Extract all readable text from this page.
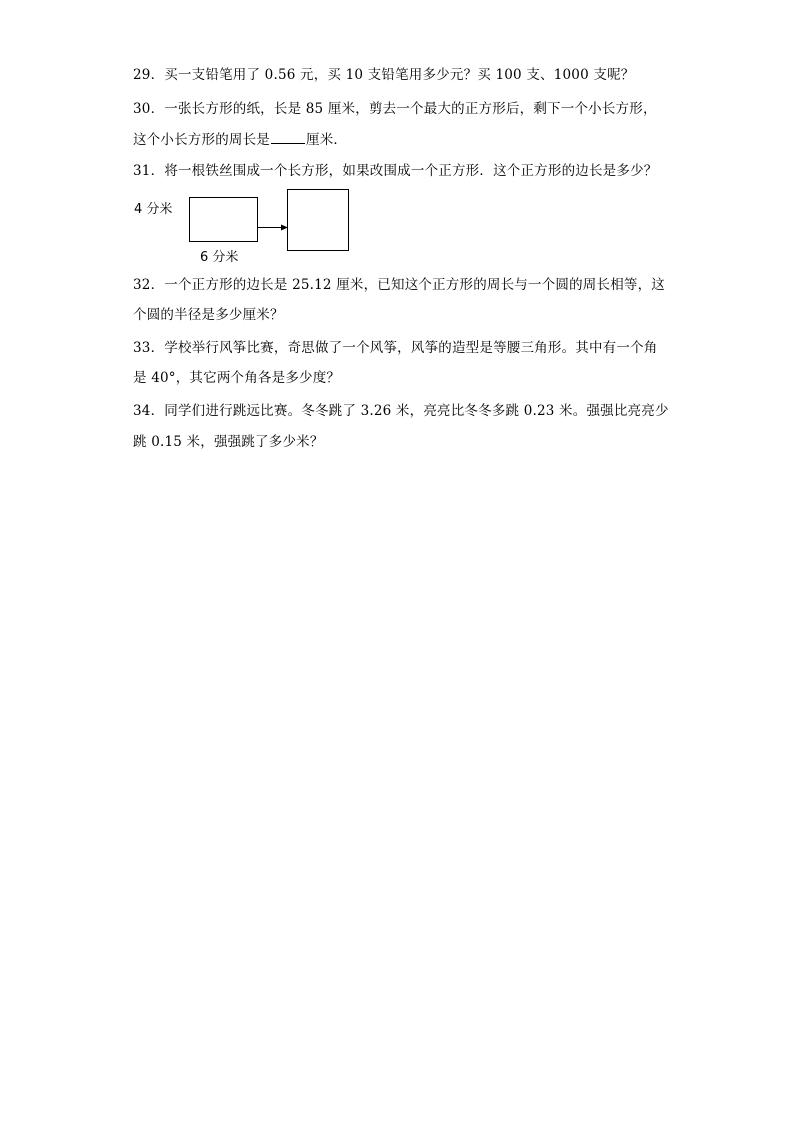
29．买一支铅笔用了 0.56 元，买 10 支铅笔用多少元？买 100 支、1000 支呢？
30．一张长方形的纸，长是 85 厘米，剪去一个最大的正方形后，剩下一个小长方形，
这个小长方形的周长是	厘米．
31．将一根铁丝围成一个长方形，如果改围成一个正方形．这个正方形的边长是多少？
4 分米
6 分米
32．一个正方形的边长是 25.12 厘米，已知这个正方形的周长与一个圆的周长相等，这
个圆的半径是多少厘米？
33．学校举行风筝比赛，奇思做了一个风筝，风筝的造型是等腰三角形。其中有一个角
是 40°，其它两个角各是多少度？
34．同学们进行跳远比赛。冬冬跳了 3.26 米，亮亮比冬冬多跳 0.23 米。强强比亮亮少
跳 0.15 米，强强跳了多少米？
